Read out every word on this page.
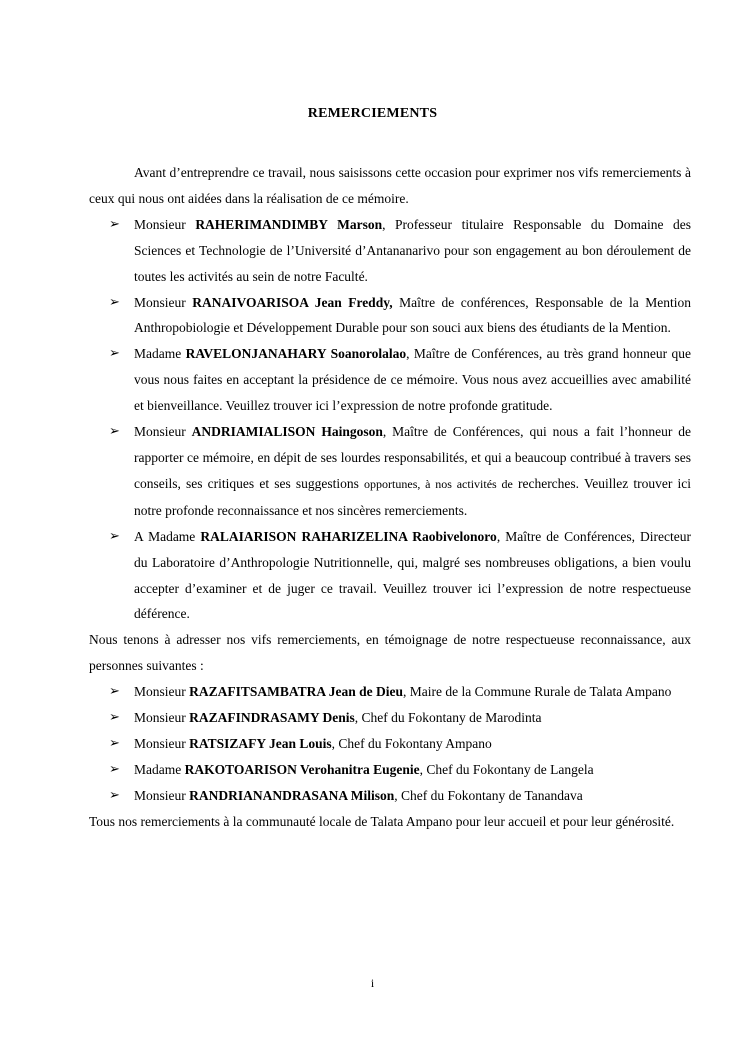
REMERCIEMENTS

Avant d’entreprendre ce travail, nous saisissons cette occasion pour exprimer nos vifs remerciements à ceux qui nous ont aidées dans la réalisation de ce mémoire.

➢ Monsieur RAHERIMANDIMBY Marson, Professeur titulaire Responsable du Domaine des Sciences et Technologie de l’Université d’Antananarivo pour son engagement au bon déroulement de toutes les activités au sein de notre Faculté.
➢ Monsieur RANAIVOARISOA Jean Freddy, Maître de conférences, Responsable de la Mention Anthropobiologie et Développement Durable pour son souci aux biens des étudiants de la Mention.
➢ Madame RAVELONJANAHARY Soanorolalao, Maître de Conférences, au très grand honneur que vous nous faites en acceptant la présidence de ce mémoire. Vous nous avez accueillies avec amabilité et bienveillance. Veuillez trouver ici l’expression de notre profonde gratitude.
➢ Monsieur ANDRIAMIALISON Haingoson, Maître de Conférences, qui nous a fait l’honneur de rapporter ce mémoire, en dépit de ses lourdes responsabilités, et qui a beaucoup contribué à travers ses conseils, ses critiques et ses suggestions opportunes, à nos activités de recherches. Veuillez trouver ici notre profonde reconnaissance et nos sincères remerciements.
➢ A Madame RALAIARISON RAHARIZELINA Raobivelonoro, Maître de Conférences, Directeur du Laboratoire d’Anthropologie Nutritionnelle, qui, malgré ses nombreuses obligations, a bien voulu accepter d’examiner et de juger ce travail. Veuillez trouver ici l’expression de notre respectueuse déférence.

Nous tenons à adresser nos vifs remerciements, en témoignage de notre respectueuse reconnaissance, aux personnes suivantes :

➢ Monsieur RAZAFITSAMBATRA Jean de Dieu, Maire de la Commune Rurale de Talata Ampano
➢ Monsieur RAZAFINDRASAMY Denis, Chef du Fokontany de Marodinta
➢ Monsieur RATSIZAFY Jean Louis, Chef du Fokontany Ampano
➢ Madame RAKOTOARISON Verohanitra Eugenie, Chef du Fokontany de Langela
➢ Monsieur RANDRIANANDRASANA Milison, Chef du Fokontany de Tanandava

Tous nos remerciements à la communauté locale de Talata Ampano pour leur accueil et pour leur générosité.

i
